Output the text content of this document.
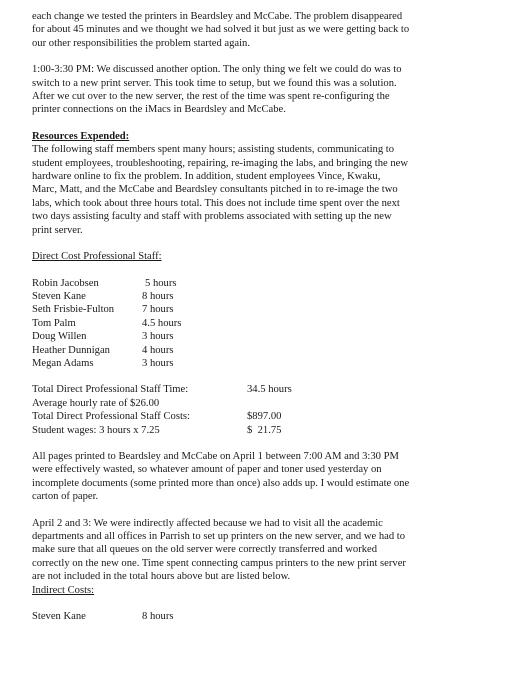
each change we tested the printers in Beardsley and McCabe. The problem disappeared

for about 45 minutes and we thought we had solved it but just as we were getting back to

our other responsibilities the problem started again.

1:00-3:30 PM: We discussed another option. The only thing we felt we could do was to

switch to a new print server. This took time to setup, but we found this was a solution.

After we cut over to the new server, the rest of the time was spent re-configuring the

printer connections on the iMacs in Beardsley and McCabe.

Resources Expended:

The following staff members spent many hours; assisting students, communicating to

student employees, troubleshooting, repairing, re-imaging the labs, and bringing the new

hardware online to fix the problem. In addition, student employees Vince, Kwaku,

Marc, Matt, and the McCabe and Beardsley consultants pitched in to re-image the two

labs, which took about three hours total. This does not include time spent over the next

two days assisting faculty and staff with problems associated with setting up the new

print server.

Direct Cost Professional Staff:

Robin Jacobsen	5 hours
Steven Kane	8 hours
Seth Frisbie-Fulton	7 hours
Tom Palm	4.5 hours
Doug Willen	3 hours
Heather Dunnigan	4 hours
Megan Adams	3 hours
Total Direct Professional Staff Time:	34.5 hours
Average hourly rate of $26.00	
Total Direct Professional Staff Costs:	$897.00
Student wages: 3 hours x 7.25	$  21.75

All pages printed to Beardsley and McCabe on April 1 between 7:00 AM and 3:30 PM

were effectively wasted, so whatever amount of paper and toner used yesterday on

incomplete documents (some printed more than once) also adds up. I would estimate one

carton of paper.

April 2 and 3: We were indirectly affected because we had to visit all the academic

departments and all offices in Parrish to set up printers on the new server, and we had to

make sure that all queues on the old server were correctly transferred and worked

correctly on the new one. Time spent connecting campus printers to the new print server

are not included in the total hours above but are listed below.

Indirect Costs:

Steven Kane	8 hours
